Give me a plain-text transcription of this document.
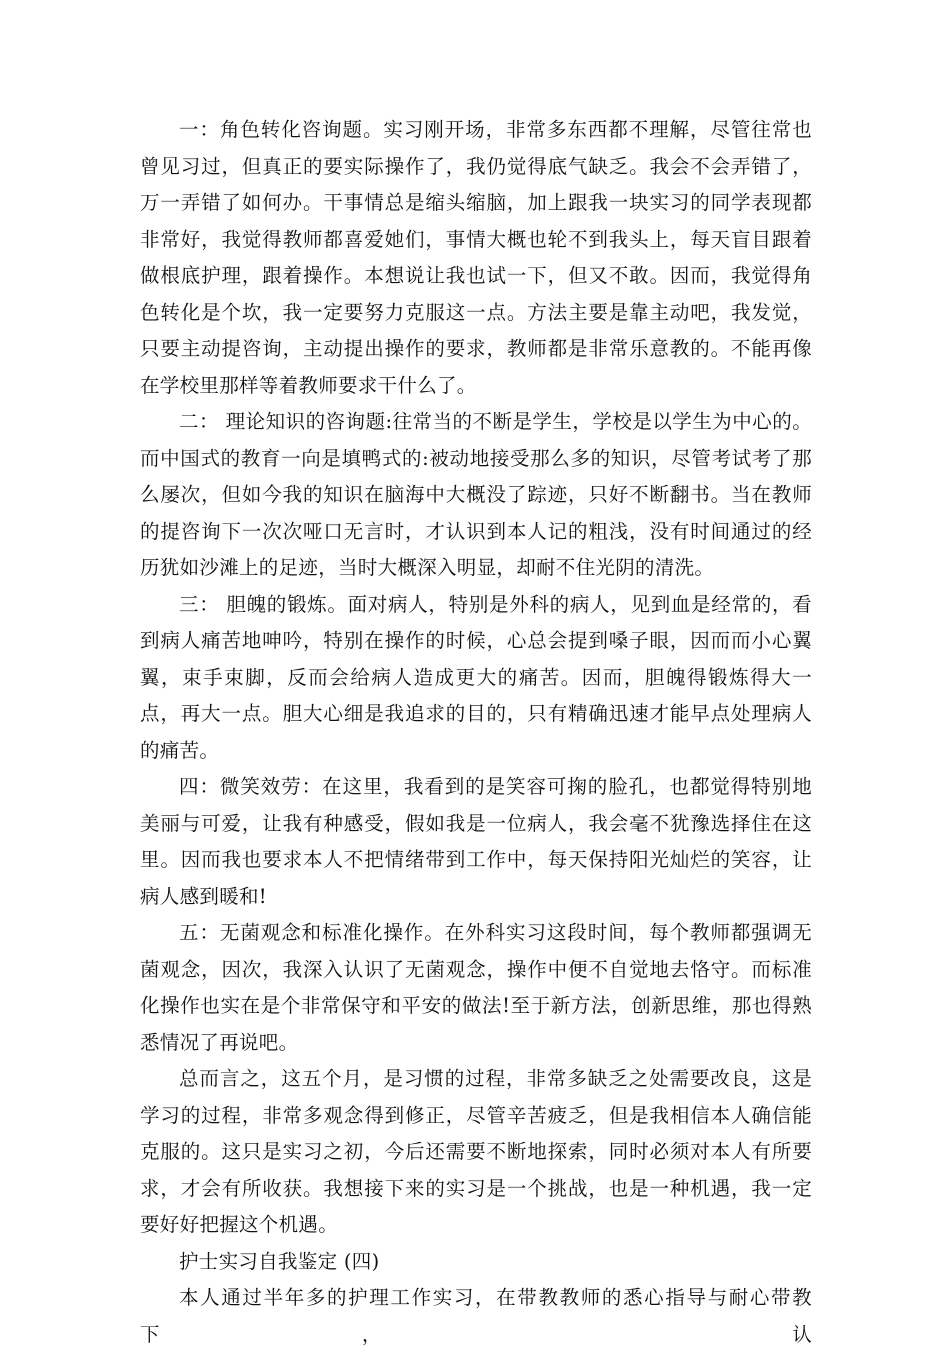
一：角色转化咨询题。实习刚开场，非常多东西都不理解，尽管往常也曾见习过，但真正的要实际操作了，我仍觉得底气缺乏。我会不会弄错了，万一弄错了如何办。干事情总是缩头缩脑，加上跟我一块实习的同学表现都非常好，我觉得教师都喜爱她们，事情大概也轮不到我头上，每天盲目跟着做根底护理，跟着操作。本想说让我也试一下，但又不敢。因而，我觉得角色转化是个坎，我一定要努力克服这一点。方法主要是靠主动吧，我发觉，只要主动提咨询，主动提出操作的要求，教师都是非常乐意教的。不能再像在学校里那样等着教师要求干什么了。

二： 理论知识的咨询题:往常当的不断是学生，学校是以学生为中心的。而中国式的教育一向是填鸭式的:被动地接受那么多的知识，尽管考试考了那么屡次，但如今我的知识在脑海中大概没了踪迹，只好不断翻书。当在教师的提咨询下一次次哑口无言时，才认识到本人记的粗浅，没有时间通过的经历犹如沙滩上的足迹，当时大概深入明显，却耐不住光阴的清洗。

三： 胆魄的锻炼。面对病人，特别是外科的病人，见到血是经常的，看到病人痛苦地呻吟，特别在操作的时候，心总会提到嗓子眼，因而而小心翼翼，束手束脚，反而会给病人造成更大的痛苦。因而，胆魄得锻炼得大一点，再大一点。胆大心细是我追求的目的，只有精确迅速才能早点处理病人的痛苦。

四：微笑效劳：在这里，我看到的是笑容可掬的脸孔，也都觉得特别地美丽与可爱，让我有种感受，假如我是一位病人，我会毫不犹豫选择住在这里。因而我也要求本人不把情绪带到工作中，每天保持阳光灿烂的笑容，让病人感到暖和!

五：无菌观念和标准化操作。在外科实习这段时间，每个教师都强调无菌观念，因次，我深入认识了无菌观念，操作中便不自觉地去恪守。而标准化操作也实在是个非常保守和平安的做法!至于新方法，创新思维，那也得熟悉情况了再说吧。

总而言之，这五个月，是习惯的过程，非常多缺乏之处需要改良，这是学习的过程，非常多观念得到修正，尽管辛苦疲乏，但是我相信本人确信能克服的。这只是实习之初，今后还需要不断地探索，同时必须对本人有所要求，才会有所收获。我想接下来的实习是一个挑战，也是一种机遇，我一定要好好把握这个机遇。

护士实习自我鉴定 (四)

本人通过半年多的护理工作实习，在带教教师的悉心指导与耐心带教下， 认
